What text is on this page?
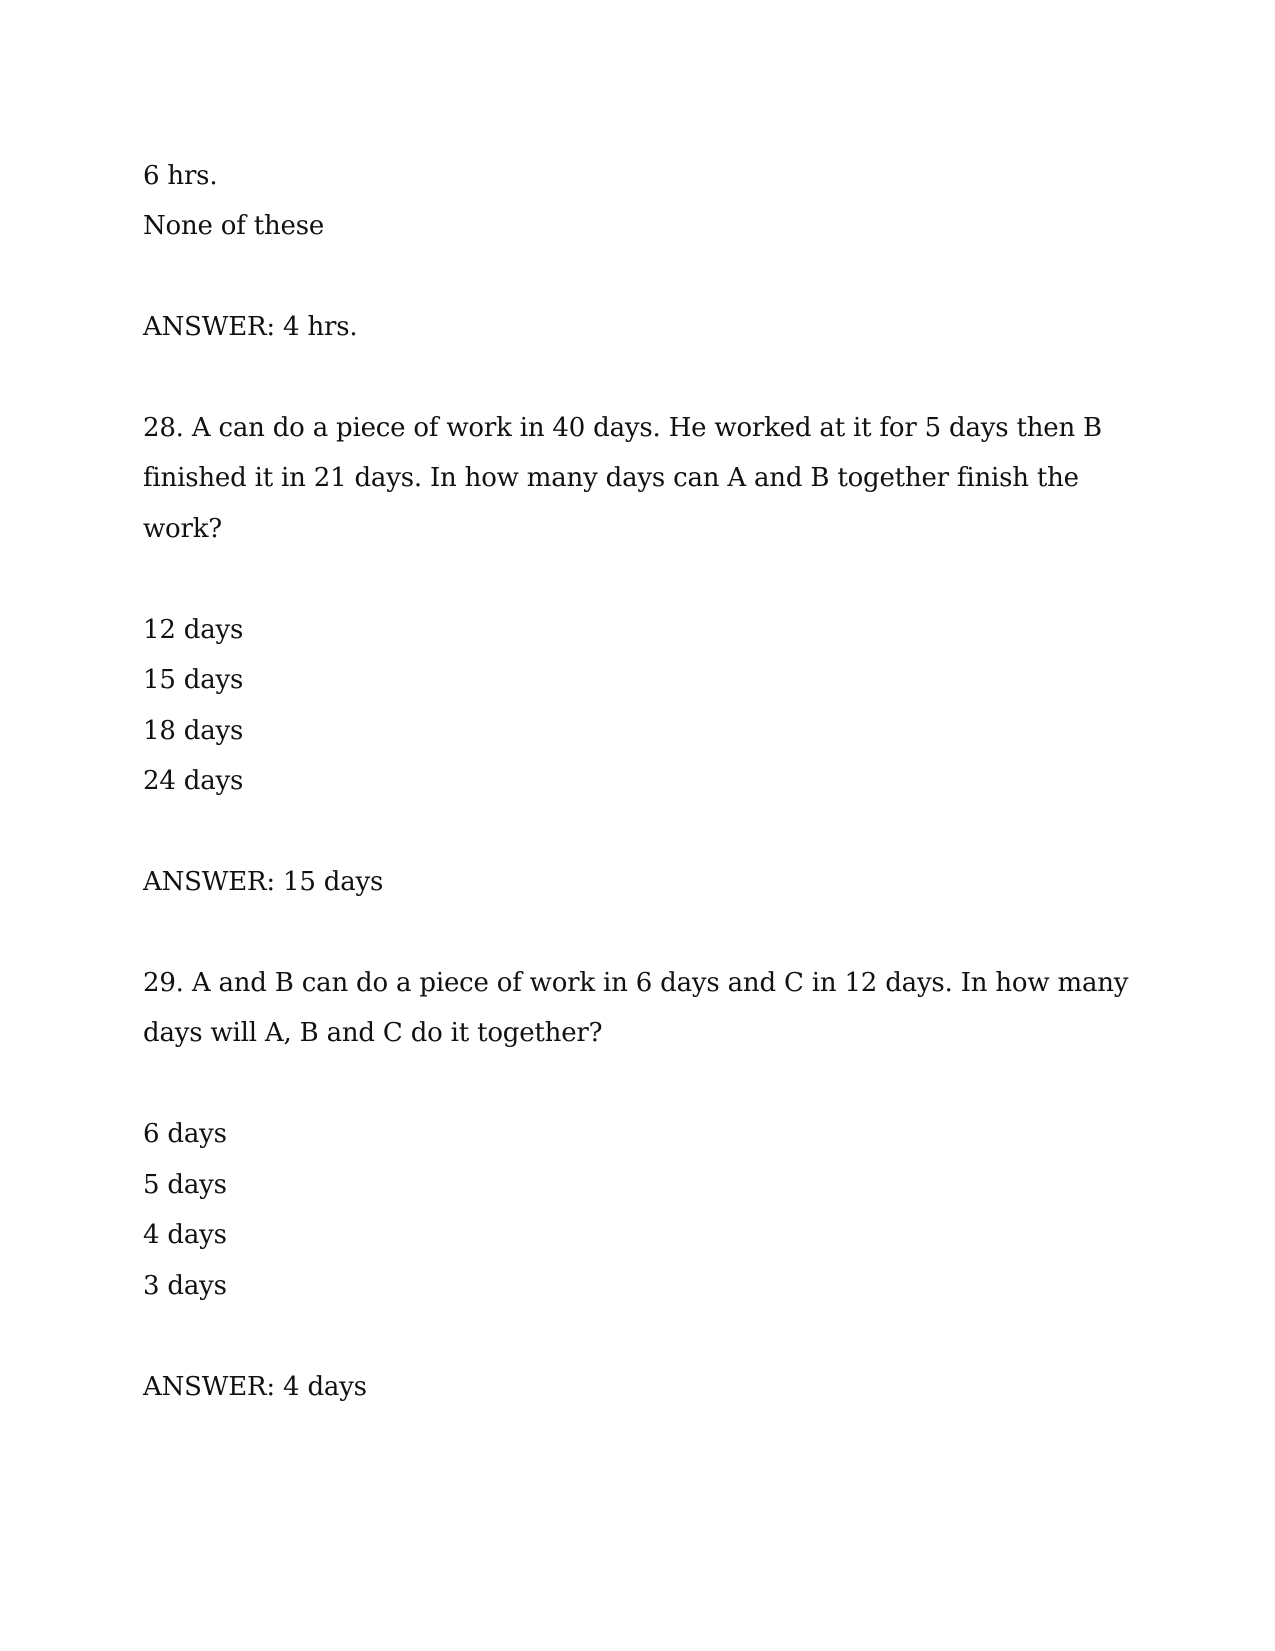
6 hrs.
None of these
ANSWER: 4 hrs.
28. A can do a piece of work in 40 days. He worked at it for 5 days then B
finished it in 21 days. In how many days can A and B together finish the
work?
12 days
15 days
18 days
24 days
ANSWER: 15 days
29. A and B can do a piece of work in 6 days and C in 12 days. In how many
days will A, B and C do it together?
6 days
5 days
4 days
3 days
ANSWER: 4 days
